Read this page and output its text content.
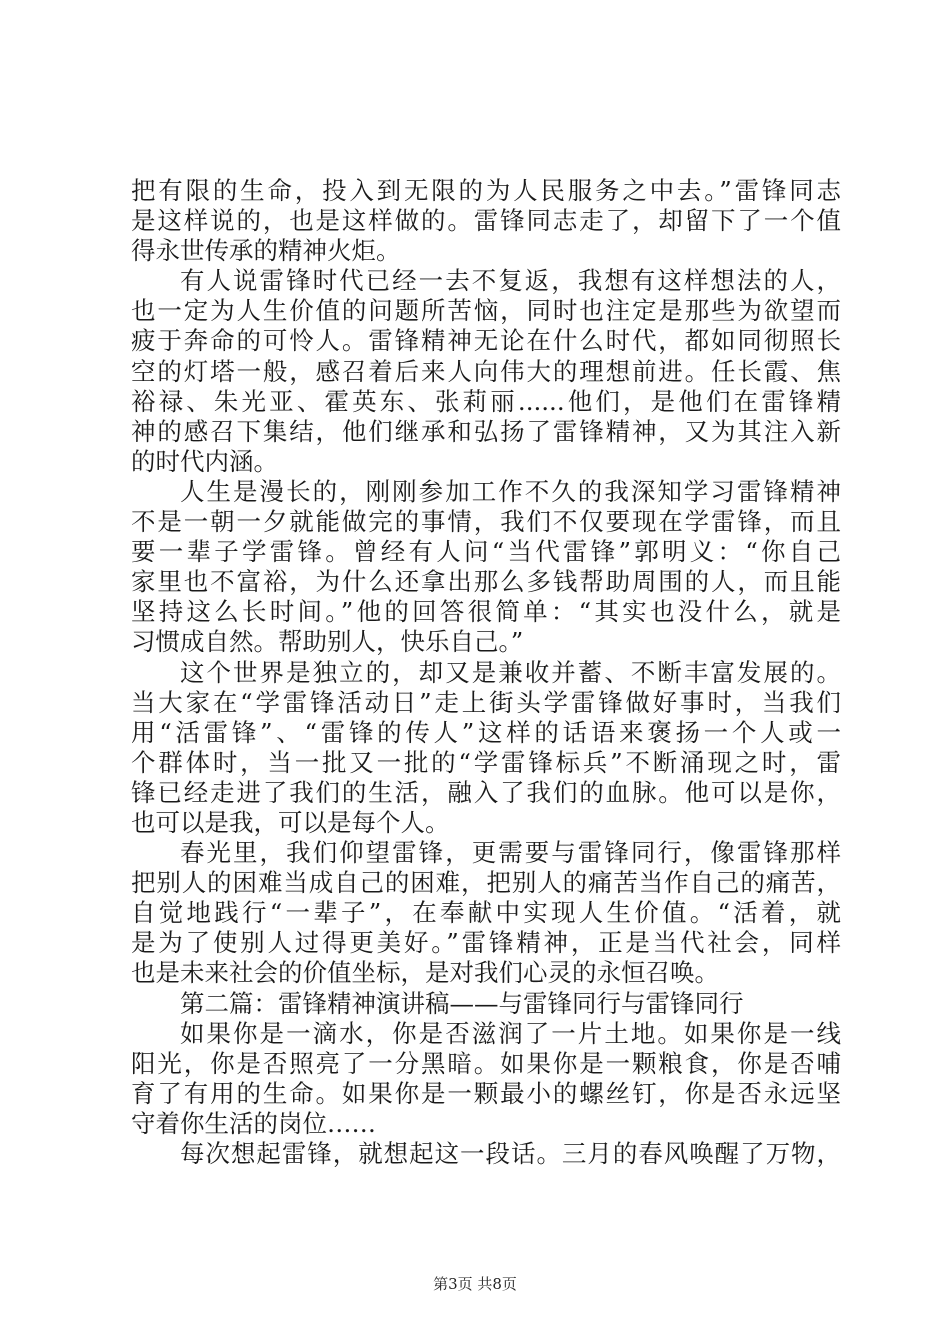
把有限的生命，投入到无限的为人民服务之中去。”雷锋同志
是这样说的，也是这样做的。雷锋同志走了，却留下了一个值
得永世传承的精神火炬。
有人说雷锋时代已经一去不复返，我想有这样想法的人，
也一定为人生价值的问题所苦恼，同时也注定是那些为欲望而
疲于奔命的可怜人。雷锋精神无论在什么时代，都如同彻照长
空的灯塔一般，感召着后来人向伟大的理想前进。任长霞、焦
裕禄、朱光亚、霍英东、张莉丽......他们，是他们在雷锋精
神的感召下集结，他们继承和弘扬了雷锋精神，又为其注入新
的时代内涵。
人生是漫长的，刚刚参加工作不久的我深知学习雷锋精神
不是一朝一夕就能做完的事情，我们不仅要现在学雷锋，而且
要一辈子学雷锋。曾经有人问“当代雷锋”郭明义：“你自己
家里也不富裕，为什么还拿出那么多钱帮助周围的人，而且能
坚持这么长时间。”他的回答很简单：“其实也没什么，就是
习惯成自然。帮助别人，快乐自己。”
这个世界是独立的，却又是兼收并蓄、不断丰富发展的。
当大家在“学雷锋活动日”走上街头学雷锋做好事时，当我们
用“活雷锋”、“雷锋的传人”这样的话语来褒扬一个人或一
个群体时，当一批又一批的“学雷锋标兵”不断涌现之时，雷
锋已经走进了我们的生活，融入了我们的血脉。他可以是你，
也可以是我，可以是每个人。
春光里，我们仰望雷锋，更需要与雷锋同行，像雷锋那样
把别人的困难当成自己的困难，把别人的痛苦当作自己的痛苦，
自觉地践行“一辈子”，在奉献中实现人生价值。“活着，就
是为了使别人过得更美好。”雷锋精神，正是当代社会，同样
也是未来社会的价值坐标，是对我们心灵的永恒召唤。
第二篇：雷锋精神演讲稿——与雷锋同行与雷锋同行
如果你是一滴水，你是否滋润了一片土地。如果你是一线
阳光，你是否照亮了一分黑暗。如果你是一颗粮食，你是否哺
育了有用的生命。如果你是一颗最小的螺丝钉，你是否永远坚
守着你生活的岗位……
每次想起雷锋，就想起这一段话。三月的春风唤醒了万物，
第3页 共8页
